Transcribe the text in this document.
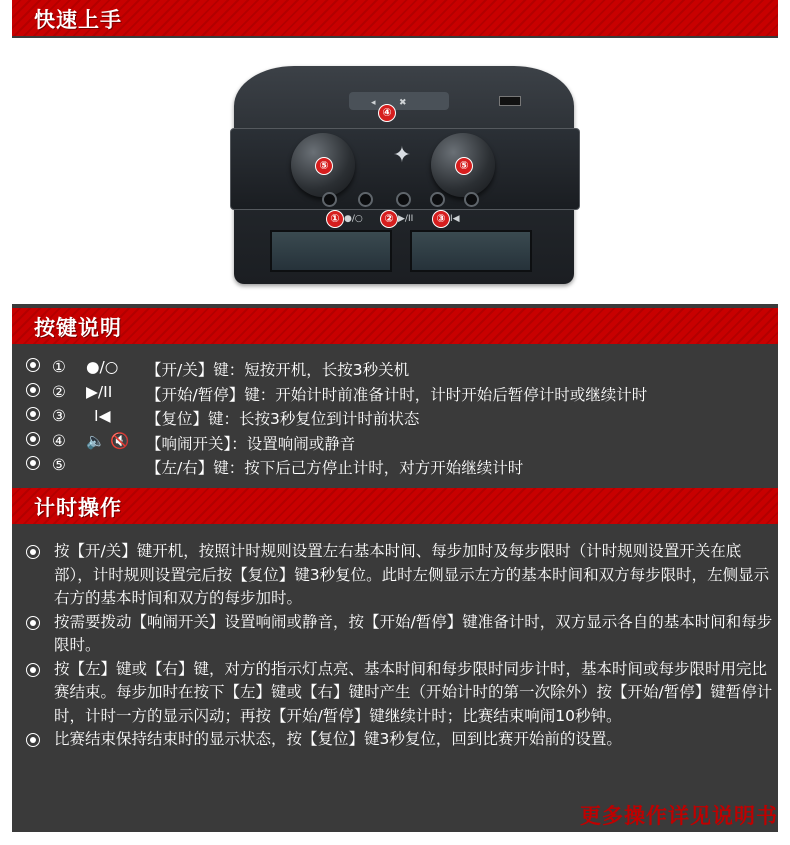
快速上手
◂	✖
④
⑤	⑤
✦
① ●/○	② ▶/II	③ I◀
按键说明
① ●/○ 【开/关】键：短按开机，长按3秒关机
② ▶/II 【开始/暂停】键：开始计时前准备计时，计时开始后暂停计时或继续计时
③ I◀ 【复位】键：长按3秒复位到计时前状态
④ 🔈 🔇 【响闹开关】：设置响闹或静音
⑤	【左/右】键：按下后己方停止计时，对方开始继续计时
计时操作
按【开/关】键开机，按照计时规则设置左右基本时间、每步加时及每步限时（计时规则设置开关在底部），计时规则设置完后按【复位】键3秒复位。此时左侧显示左方的基本时间和双方每步限时，左侧显示右方的基本时间和双方的每步加时。
按需要拨动【响闹开关】设置响闹或静音，按【开始/暂停】键准备计时，双方显示各自的基本时间和每步限时。
按【左】键或【右】键，对方的指示灯点亮、基本时间和每步限时同步计时，基本时间或每步限时用完比赛结束。每步加时在按下【左】键或【右】键时产生（开始计时的第一次除外）按【开始/暂停】键暂停计时，计时一方的显示闪动；再按【开始/暂停】键继续计时；比赛结束响闹10秒钟。
比赛结束保持结束时的显示状态，按【复位】键3秒复位，回到比赛开始前的设置。
更多操作详见说明书
